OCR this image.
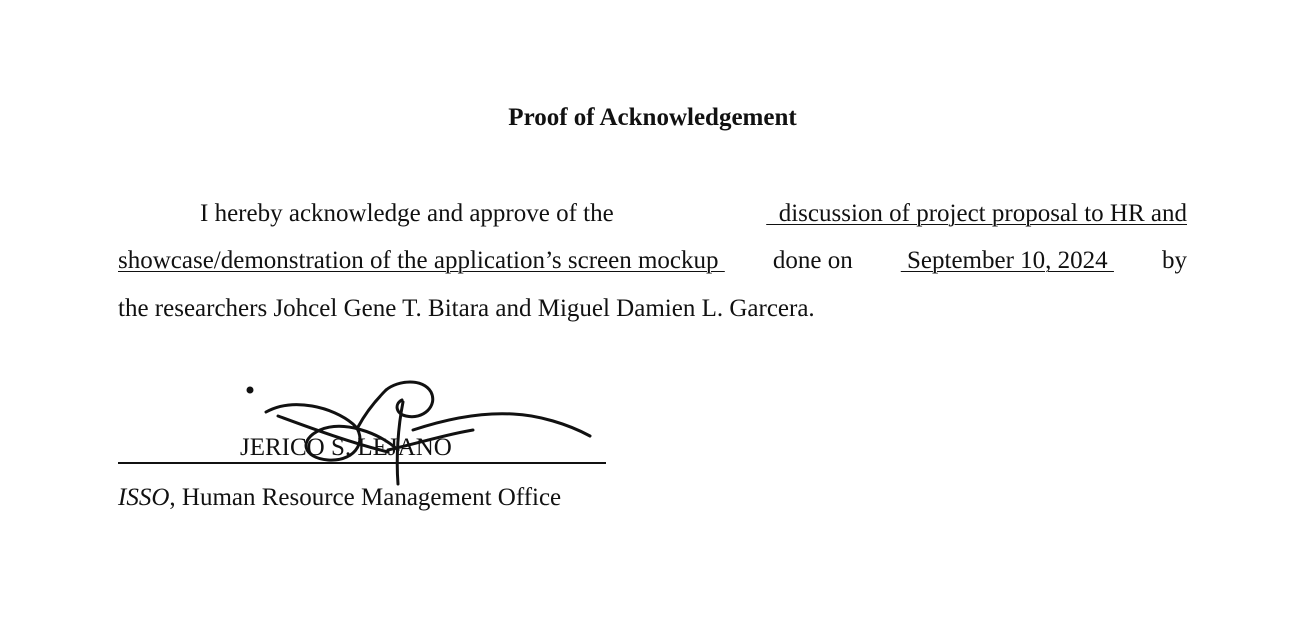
Proof of Acknowledgement
I hereby acknowledge and approve of the	discussion of project proposal to HR and
showcase/demonstration of the application’s screen mockup done on September 10, 2024 by
the researchers Johcel Gene T. Bitara and Miguel Damien L. Garcera.
JERICO S. LEJANO
ISSO, Human Resource Management Office
